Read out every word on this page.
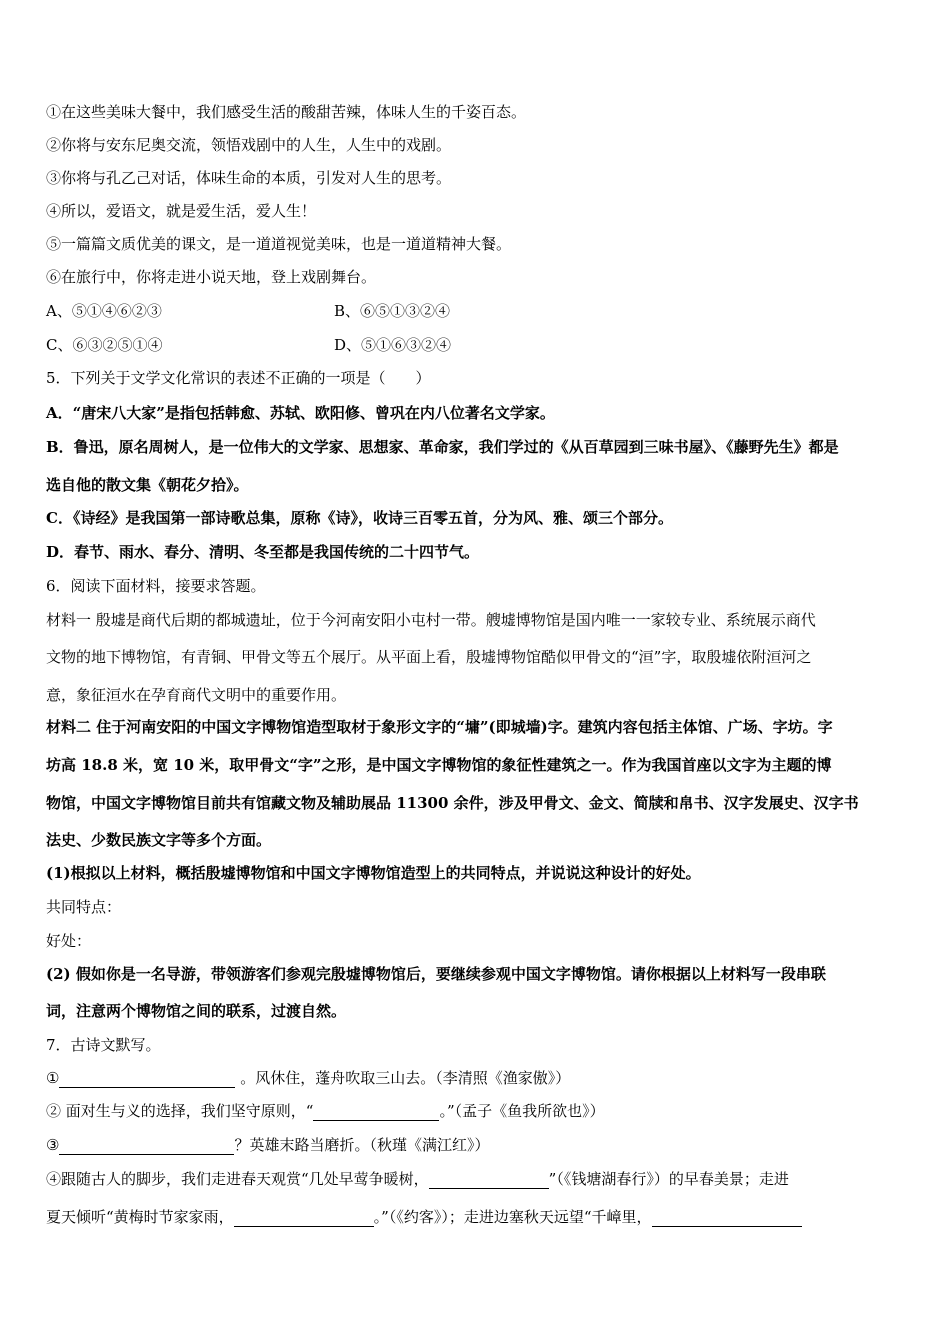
①在这些美味大餐中，我们感受生活的酸甜苦辣，体味人生的千姿百态。
②你将与安东尼奥交流，领悟戏剧中的人生，人生中的戏剧。
③你将与孔乙己对话，体味生命的本质，引发对人生的思考。
④所以，爱语文，就是爱生活，爱人生！
⑤一篇篇文质优美的课文，是一道道视觉美味，也是一道道精神大餐。
⑥在旅行中，你将走进小说天地，登上戏剧舞台。
A、⑤①④⑥②③	B、⑥⑤①③②④
C、⑥③②⑤①④	D、⑤①⑥③②④
5．下列关于文学文化常识的表述不正确的一项是（　　）
A．“唐宋八大家”是指包括韩愈、苏轼、欧阳修、曾巩在内八位著名文学家。
B．鲁迅，原名周树人，是一位伟大的文学家、思想家、革命家，我们学过的《从百草园到三味书屋》、《藤野先生》都是
选自他的散文集《朝花夕拾》。
C．《诗经》是我国第一部诗歌总集，原称《诗》，收诗三百零五首，分为风、雅、颂三个部分。
D．春节、雨水、春分、清明、冬至都是我国传统的二十四节气。
6．阅读下面材料，接要求答题。
材料一 殷墟是商代后期的都城遗址，位于今河南安阳小屯村一带。艘墟博物馆是国内唯一一家较专业、系统展示商代
文物的地下博物馆，有青铜、甲骨文等五个展厅。从平面上看，殷墟博物馆酷似甲骨文的“洹”字，取殷墟依附洹河之
意，象征洹水在孕育商代文明中的重要作用。
材料二 住于河南安阳的中国文字博物馆造型取材于象形文字的“墉”(即城墙)字。建筑内容包括主体馆、广场、字坊。字
坊高 18.8 米，宽 10 米，取甲骨文“字”之形，是中国文字博物馆的象征性建筑之一。作为我国首座以文字为主题的博
物馆，中国文字博物馆目前共有馆藏文物及辅助展品 11300 余件，涉及甲骨文、金文、简牍和帛书、汉字发展史、汉字书
法史、少数民族文字等多个方面。
(1)根拟以上材料，概括殷墟博物馆和中国文字博物馆造型上的共同特点，并说说这种设计的好处。
共同特点：
好处：
(2) 假如你是一名导游，带领游客们参观完殷墟博物馆后，要继续参观中国文字博物馆。请你根据以上材料写一段串联
词，注意两个博物馆之间的联系，过渡自然。
7．古诗文默写。
①	。风休住，蓬舟吹取三山去。（李清照《渔家傲》）
② 面对生与义的选择，我们坚守原则，“	。”（孟子《鱼我所欲也》）
③	？英雄末路当磨折。（秋瑾《满江红》）
④跟随古人的脚步，我们走进春天观赏“几处早莺争暖树，	”（《钱塘湖春行》）的早春美景；走进
夏天倾听“黄梅时节家家雨，	。”（《约客》）；走进边塞秋天远望“千嶂里，
